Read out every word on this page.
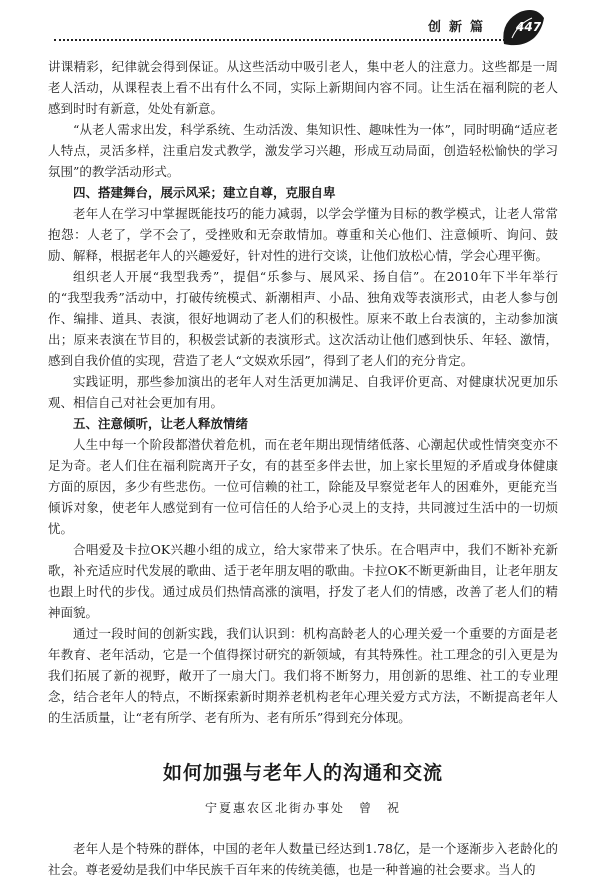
创新篇 447

讲课精彩，纪律就会得到保证。从这些活动中吸引老人，集中老人的注意力。这些都是一周老人活动，从课程表上看不出有什么不同，实际上新期间内容不同。让生活在福利院的老人感到时时有新意，处处有新意。

“从老人需求出发，科学系统、生动活泼、集知识性、趣味性为一体”，同时明确“适应老人特点，灵活多样，注重启发式教学，激发学习兴趣，形成互动局面，创造轻松愉快的学习氛围”的教学活动形式。

四、搭建舞台，展示风采；建立自尊，克服自卑

老年人在学习中掌握既能技巧的能力减弱，以学会学懂为目标的教学模式，让老人常常抱怨：人老了，学不会了，受挫败和无奈敢情加。尊重和关心他们、注意倾听、询问、鼓励、解释，根据老年人的兴趣爱好，针对性的进行交谈，让他们放松心情，学会心理平衡。

组织老人开展“我型我秀”，提倡“乐参与、展风采、扬自信”。在2010年下半年举行的“我型我秀”活动中，打破传统模式、新潮相声、小品、独角戏等表演形式，由老人参与创作、编排、道具、表演，很好地调动了老人们的积极性。原来不敢上台表演的，主动参加演出；原来表演在节目的，积极尝试新的表演形式。这次活动让他们感到快乐、年轻、激情，感到自我价值的实现，营造了老人“文娱欢乐园”，得到了老人们的充分肯定。

实践证明，那些参加演出的老年人对生活更加满足、自我评价更高、对健康状况更加乐观、相信自己对社会更加有用。

五、注意倾听，让老人释放情绪

人生中每一个阶段都潜伏着危机，而在老年期出现情绪低落、心潮起伏或性情突变亦不足为奇。老人们住在福利院离开子女，有的甚至多伴去世，加上家长里短的矛盾或身体健康方面的原因，多少有些悲伤。一位可信赖的社工，除能及早察觉老年人的困难外，更能充当倾诉对象，使老年人感觉到有一位可信任的人给予心灵上的支持，共同渡过生活中的一切烦忧。

合唱爱及卡拉OK兴趣小组的成立，给大家带来了快乐。在合唱声中，我们不断补充新歌，补充适应时代发展的歌曲、适于老年朋友唱的歌曲。卡拉OK不断更新曲目，让老年朋友也跟上时代的步伐。通过成员们热情高涨的演唱，抒发了老人们的情感，改善了老人们的精神面貌。

通过一段时间的创新实践，我们认识到：机构高龄老人的心理关爱一个重要的方面是老年教育、老年活动，它是一个值得探讨研究的新领域，有其特殊性。社工理念的引入更是为我们拓展了新的视野，敞开了一扇大门。我们将不断努力，用创新的思维、社工的专业理念，结合老年人的特点，不断探索新时期养老机构老年心理关爱方式方法，不断提高老年人的生活质量，让“老有所学、老有所为、老有所乐”得到充分体现。

如何加强与老年人的沟通和交流
宁夏惠农区北街办事处　曾　祝

老年人是个特殊的群体，中国的老年人数量已经达到1.78亿，是一个逐渐步入老龄化的社会。尊老爱幼是我们中华民族千百年来的传统美德，也是一种普遍的社会要求。当人的
